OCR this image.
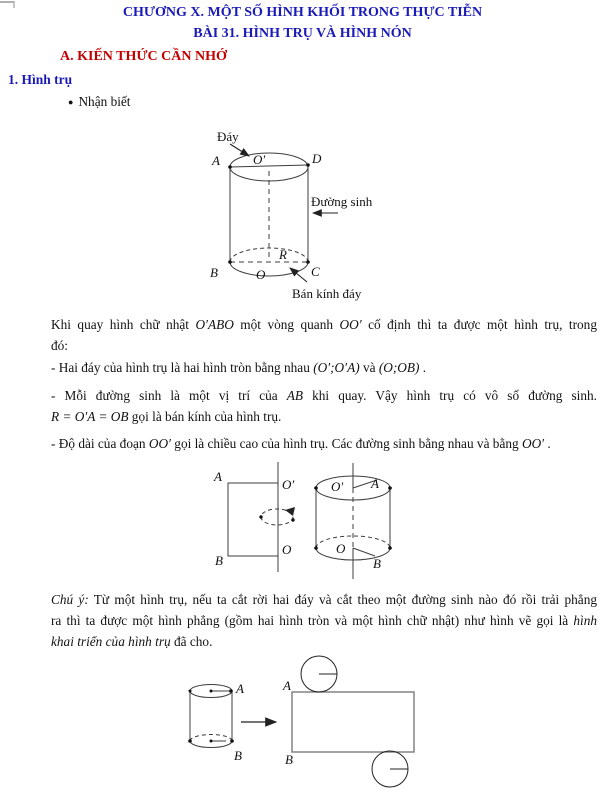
CHƯƠNG X. MỘT SỐ HÌNH KHỐI TRONG THỰC TIỄN
BÀI 31. HÌNH TRỤ VÀ HÌNH NÓN
A. KIẾN THỨC CẦN NHỚ
1. Hình trụ
● Nhận biết
Đáy
Đường sinh
Bán kính đáy
A	O′	D
R
B	O	C
Khi quay hình chữ nhật O′ABO một vòng quanh OO′ cố định thì ta được một hình trụ, trong
đó:
- Hai đáy của hình trụ là hai hình tròn bằng nhau (O′;O′A) và (O;OB) .
- Mỗi đường sinh là một vị trí của AB khi quay. Vậy hình trụ có vô số đường sinh.
R = O′A = OB gọi là bán kính của hình trụ.
- Độ dài của đoạn OO′ gọi là chiều cao của hình trụ. Các đường sinh bằng nhau và bằng OO′ .
A
O′
B
O
O′ A
O
B
Chú ý: Từ một hình trụ, nếu ta cắt rời hai đáy và cắt theo một đường sinh nào đó rồi trải phẳng
ra thì ta được một hình phẳng (gồm hai hình tròn và một hình chữ nhật) như hình vẽ gọi là hình
khai triển của hình trụ đã cho.
A
B
A
B
